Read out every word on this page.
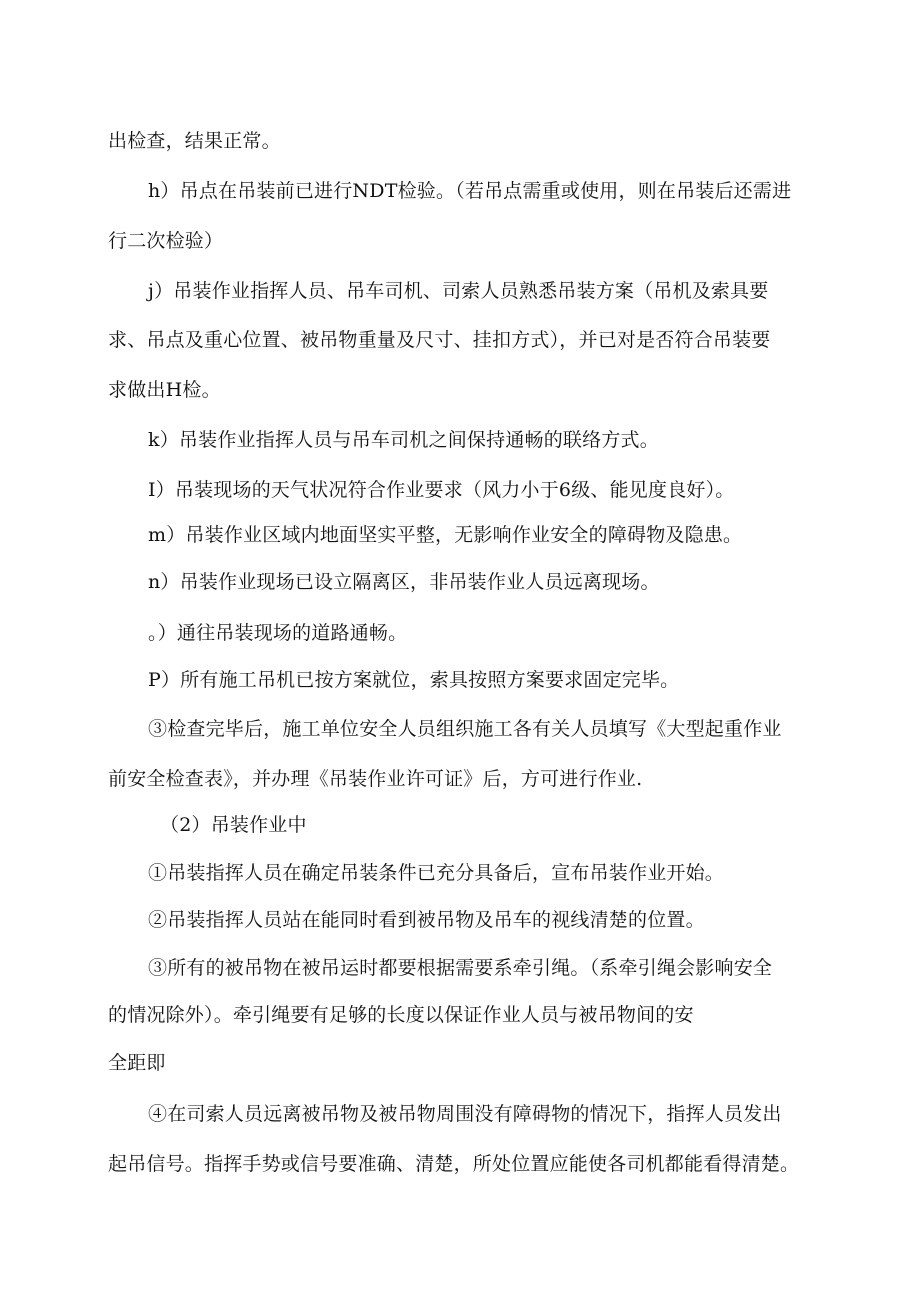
出检查，结果正常。

h）吊点在吊装前已进行NDT检验。（若吊点需重或使用，则在吊装后还需进

行二次检验）

j）吊装作业指挥人员、吊车司机、司索人员熟悉吊装方案（吊机及索具要

求、吊点及重心位置、被吊物重量及尺寸、挂扣方式），并已对是否符合吊装要

求做出H检。

k）吊装作业指挥人员与吊车司机之间保持通畅的联络方式。

I）吊装现场的天气状况符合作业要求（风力小于6级、能见度良好）。

m）吊装作业区域内地面坚实平整，无影响作业安全的障碍物及隐患。

n）吊装作业现场已设立隔离区，非吊装作业人员远离现场。

。）通往吊装现场的道路通畅。

P）所有施工吊机已按方案就位，索具按照方案要求固定完毕。

③检查完毕后，施工单位安全人员组织施工各有关人员填写《大型起重作业

前安全检查表》，并办理《吊装作业许可证》后，方可进行作业.

（2）吊装作业中

①吊装指挥人员在确定吊装条件已充分具备后，宣布吊装作业开始。

②吊装指挥人员站在能同时看到被吊物及吊车的视线清楚的位置。

③所有的被吊物在被吊运时都要根据需要系牵引绳。（系牵引绳会影响安全

的情况除外）。牵引绳要有足够的长度以保证作业人员与被吊物间的安

全距即

④在司索人员远离被吊物及被吊物周围没有障碍物的情况下，指挥人员发出

起吊信号。指挥手势或信号要准确、清楚，所处位置应能使各司机都能看得清楚。
